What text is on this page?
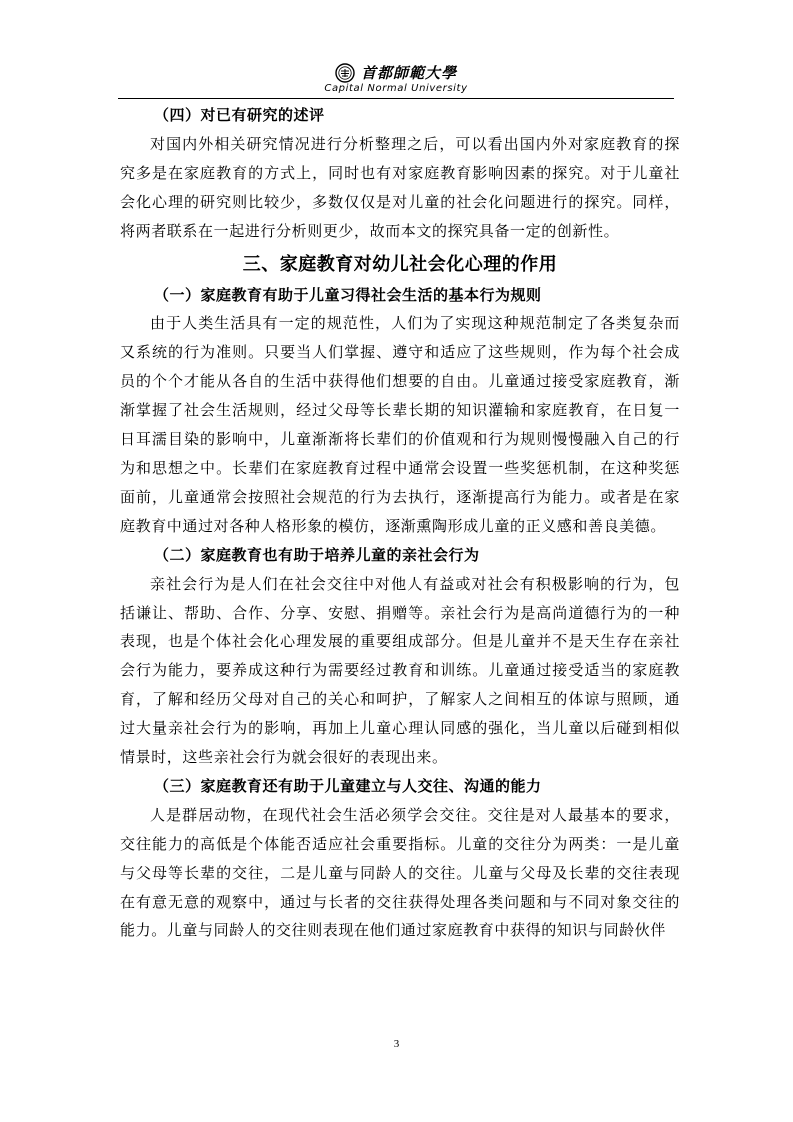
首都師範大學
Capital Normal University

（四）对已有研究的述评

对国内外相关研究情况进行分析整理之后，可以看出国内外对家庭教育的探究多是在家庭教育的方式上，同时也有对家庭教育影响因素的探究。对于儿童社会化心理的研究则比较少，多数仅仅是对儿童的社会化问题进行的探究。同样，将两者联系在一起进行分析则更少，故而本文的探究具备一定的创新性。

三、家庭教育对幼儿社会化心理的作用

（一）家庭教育有助于儿童习得社会生活的基本行为规则

由于人类生活具有一定的规范性，人们为了实现这种规范制定了各类复杂而又系统的行为准则。只要当人们掌握、遵守和适应了这些规则，作为每个社会成员的个个才能从各自的生活中获得他们想要的自由。儿童通过接受家庭教育，渐渐掌握了社会生活规则，经过父母等长辈长期的知识灌输和家庭教育，在日复一日耳濡目染的影响中，儿童渐渐将长辈们的价值观和行为规则慢慢融入自己的行为和思想之中。长辈们在家庭教育过程中通常会设置一些奖惩机制，在这种奖惩面前，儿童通常会按照社会规范的行为去执行，逐渐提高行为能力。或者是在家庭教育中通过对各种人格形象的模仿，逐渐熏陶形成儿童的正义感和善良美德。

（二）家庭教育也有助于培养儿童的亲社会行为

亲社会行为是人们在社会交往中对他人有益或对社会有积极影响的行为，包括谦让、帮助、合作、分享、安慰、捐赠等。亲社会行为是高尚道德行为的一种表现，也是个体社会化心理发展的重要组成部分。但是儿童并不是天生存在亲社会行为能力，要养成这种行为需要经过教育和训练。儿童通过接受适当的家庭教育，了解和经历父母对自己的关心和呵护，了解家人之间相互的体谅与照顾，通过大量亲社会行为的影响，再加上儿童心理认同感的强化，当儿童以后碰到相似情景时，这些亲社会行为就会很好的表现出来。

（三）家庭教育还有助于儿童建立与人交往、沟通的能力

人是群居动物，在现代社会生活必须学会交往。交往是对人最基本的要求，交往能力的高低是个体能否适应社会重要指标。儿童的交往分为两类：一是儿童与父母等长辈的交往，二是儿童与同龄人的交往。儿童与父母及长辈的交往表现在有意无意的观察中，通过与长者的交往获得处理各类问题和与不同对象交往的能力。儿童与同龄人的交往则表现在他们通过家庭教育中获得的知识与同龄伙伴

3
